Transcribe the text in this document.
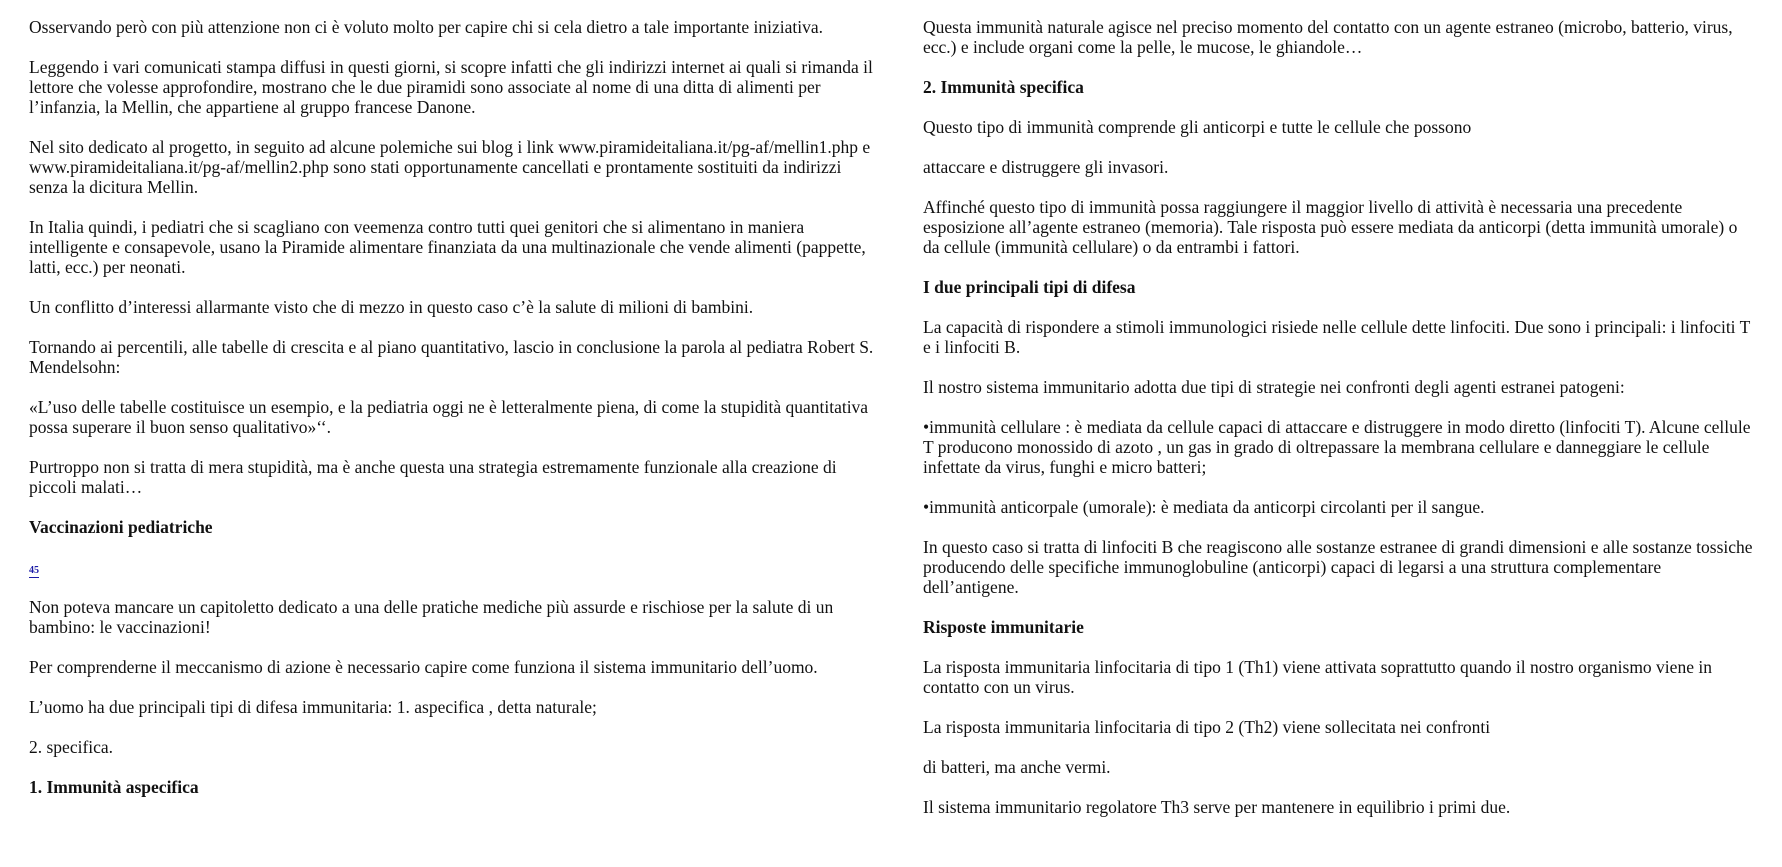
Osservando però con più attenzione non ci è voluto molto per capire chi si cela dietro a tale importante iniziativa.

Leggendo i vari comunicati stampa diffusi in questi giorni, si scopre infatti che gli indirizzi internet ai quali si rimanda il lettore che volesse approfondire, mostrano che le due piramidi sono associate al nome di una ditta di alimenti per l’infanzia, la Mellin, che appartiene al gruppo francese Danone.

Nel sito dedicato al progetto, in seguito ad alcune polemiche sui blog i link www.piramideitaliana.it/pg-af/mellin1.php e www.piramideitaliana.it/pg-af/mellin2.php sono stati opportunamente cancellati e prontamente sostituiti da indirizzi senza la dicitura Mellin.

In Italia quindi, i pediatri che si scagliano con veemenza contro tutti quei genitori che si alimentano in maniera intelligente e consapevole, usano la Piramide alimentare finanziata da una multinazionale che vende alimenti (pappette, latti, ecc.) per neonati.

Un conflitto d’interessi allarmante visto che di mezzo in questo caso c’è la salute di milioni di bambini.

Tornando ai percentili, alle tabelle di crescita e al piano quantitativo, lascio in conclusione la parola al pediatra Robert S. Mendelsohn:

«L’uso delle tabelle costituisce un esempio, e la pediatria oggi ne è letteralmente piena, di come la stupidità quantitativa possa superare il buon senso qualitativo»‘‘.

Purtroppo non si tratta di mera stupidità, ma è anche questa una strategia estremamente funzionale alla creazione di piccoli malati…

Vaccinazioni pediatriche
45

Non poteva mancare un capitoletto dedicato a una delle pratiche mediche più assurde e rischiose per la salute di un bambino: le vaccinazioni!

Per comprenderne il meccanismo di azione è necessario capire come funziona il sistema immunitario dell’uomo.

L’uomo ha due principali tipi di difesa immunitaria: 1. aspecifica , detta naturale;

2. specifica.

1. Immunità aspecifica

Questa immunità naturale agisce nel preciso momento del contatto con un agente estraneo (microbo, batterio, virus, ecc.) e include organi come la pelle, le mucose, le ghiandole…

2. Immunità specifica

Questo tipo di immunità comprende gli anticorpi e tutte le cellule che possono

attaccare e distruggere gli invasori.

Affinché questo tipo di immunità possa raggiungere il maggior livello di attività è necessaria una precedente esposizione all’agente estraneo (memoria). Tale risposta può essere mediata da anticorpi (detta immunità umorale) o da cellule (immunità cellulare) o da entrambi i fattori.

I due principali tipi di difesa

La capacità di rispondere a stimoli immunologici risiede nelle cellule dette linfociti. Due sono i principali: i linfociti T e i linfociti B.

Il nostro sistema immunitario adotta due tipi di strategie nei confronti degli agenti estranei patogeni:

•immunità cellulare : è mediata da cellule capaci di attaccare e distruggere in modo diretto (linfociti T). Alcune cellule T producono monossido di azoto , un gas in grado di oltrepassare la membrana cellulare e danneggiare le cellule infettate da virus, funghi e micro batteri;

•immunità anticorpale (umorale): è mediata da anticorpi circolanti per il sangue.

In questo caso si tratta di linfociti B che reagiscono alle sostanze estranee di grandi dimensioni e alle sostanze tossiche producendo delle specifiche immunoglobuline (anticorpi) capaci di legarsi a una struttura complementare dell’antigene.

Risposte immunitarie

La risposta immunitaria linfocitaria di tipo 1 (Th1) viene attivata soprattutto quando il nostro organismo viene in contatto con un virus.

La risposta immunitaria linfocitaria di tipo 2 (Th2) viene sollecitata nei confronti

di batteri, ma anche vermi.

Il sistema immunitario regolatore Th3 serve per mantenere in equilibrio i primi due.
